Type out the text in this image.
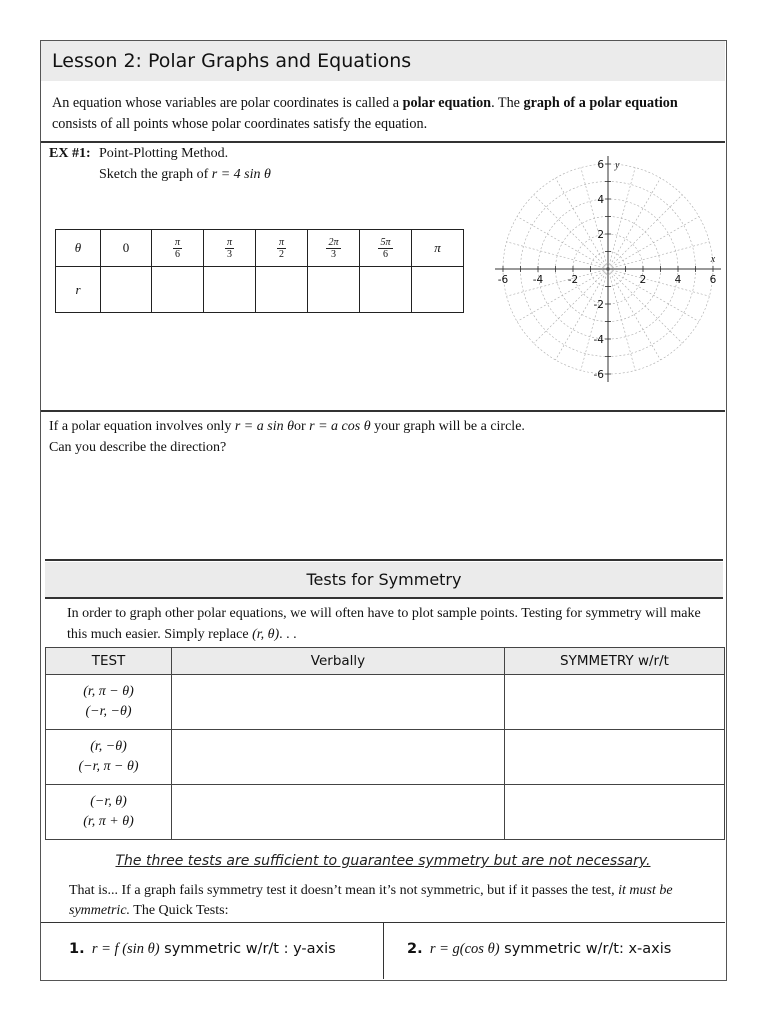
Lesson 2: Polar Graphs and Equations
An equation whose variables are polar coordinates is called a polar equation. The graph of a polar equation consists of all points whose polar coordinates satisfy the equation.
EX #1: Point-Plotting Method.
Sketch the graph of r = 4 sin θ
θ	0	$\frac{\pi}{6}$	$\frac{\pi}{3}$	$\frac{\pi}{2}$	$\frac{2\pi}{3}$	$\frac{5\pi}{6}$	π
r							
-6 -4 -2	2	4	6
6
4
2
-2
-4
-6
x
y
If a polar equation involves only r = a sin θor r = a cos θ your graph will be a circle.
Can you describe the direction?
Tests for Symmetry
In order to graph other polar equations, we will often have to plot sample points. Testing for symmetry will make this much easier. Simply replace (r, θ). . .
TEST	Verbally	SYMMETRY w/r/t

(r, π − θ)
(−r, −θ)		

(r, −θ)
(−r, π − θ)		

(−r, θ)
(r, π + θ)		

The three tests are sufficient to guarantee symmetry but are not necessary.
That is... If a graph fails symmetry test it doesn’t mean it’s not symmetric, but if it passes the test, it must be symmetric. The Quick Tests:
1. r = f (sin θ) symmetric w/r/t : y-axis	2. r = g(cos θ) symmetric w/r/t: x-axis
